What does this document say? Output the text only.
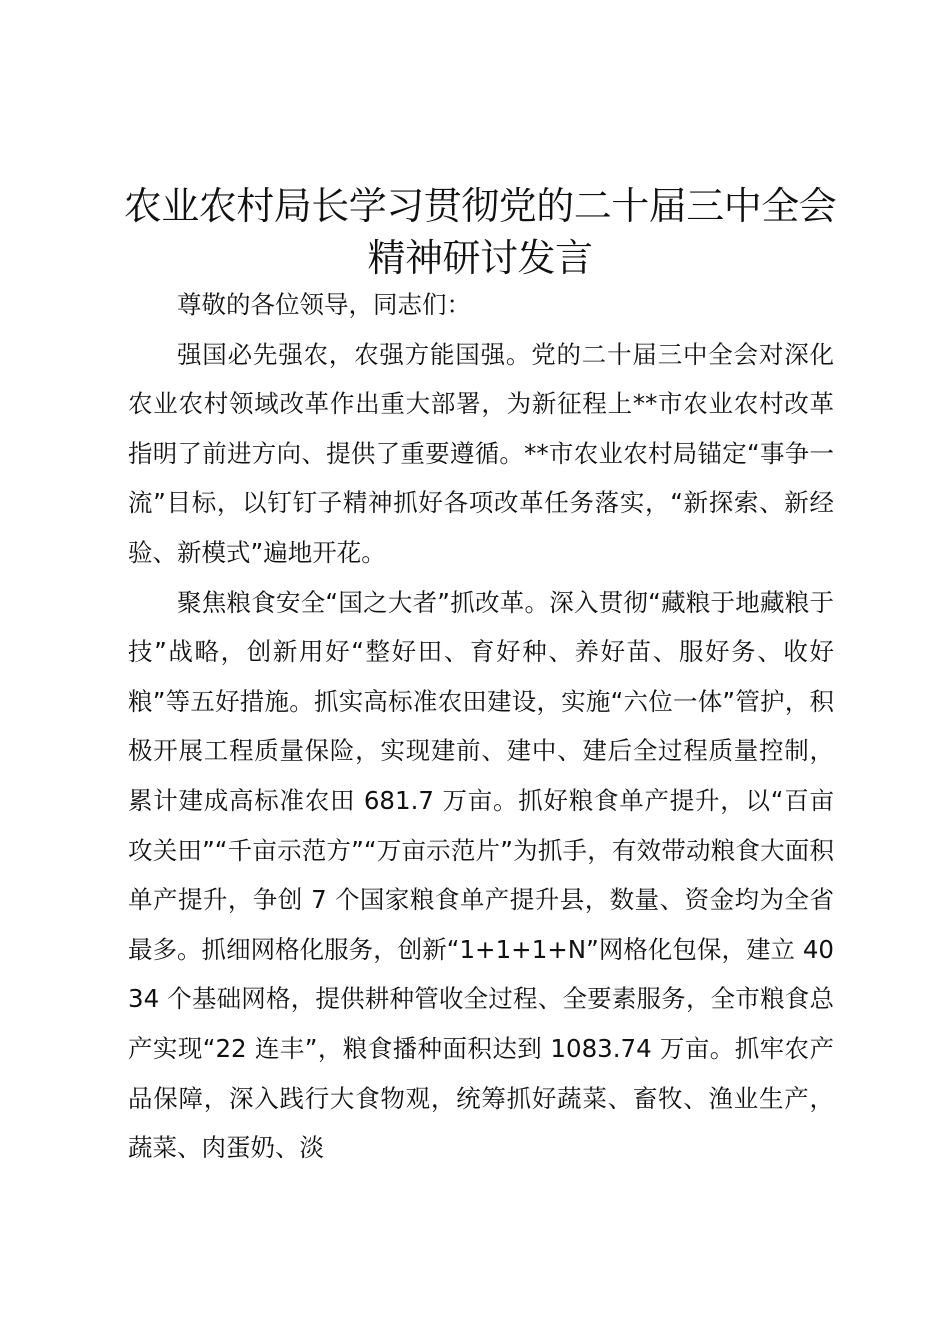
农业农村局长学习贯彻党的二十届三中全会精神研讨发言

尊敬的各位领导，同志们：

强国必先强农，农强方能国强。党的二十届三中全会对深化农业农村领域改革作出重大部署，为新征程上**市农业农村改革指明了前进方向、提供了重要遵循。**市农业农村局锚定“事争一流”目标，以钉钉子精神抓好各项改革任务落实，“新探索、新经验、新模式”遍地开花。

聚焦粮食安全“国之大者”抓改革。深入贯彻“藏粮于地藏粮于技”战略，创新用好“整好田、育好种、养好苗、服好务、收好粮”等五好措施。抓实高标准农田建设，实施“六位一体”管护，积极开展工程质量保险，实现建前、建中、建后全过程质量控制，累计建成高标准农田 681.7 万亩。抓好粮食单产提升，以“百亩攻关田”“千亩示范方”“万亩示范片”为抓手，有效带动粮食大面积单产提升，争创 7 个国家粮食单产提升县，数量、资金均为全省最多。抓细网格化服务，创新“1+1+1+N”网格化包保，建立 4034 个基础网格，提供耕种管收全过程、全要素服务，全市粮食总产实现“22 连丰”，粮食播种面积达到 1083.74 万亩。抓牢农产品保障，深入践行大食物观，统筹抓好蔬菜、畜牧、渔业生产，蔬菜、肉蛋奶、淡
